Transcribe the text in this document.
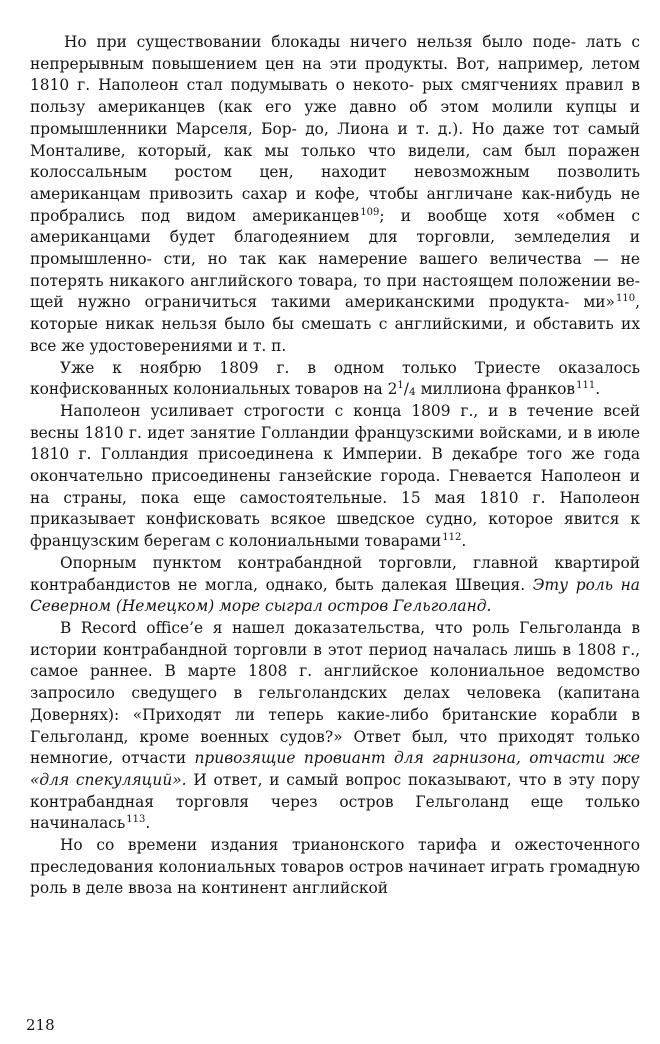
Но при существовании блокады ничего нельзя было поде- лать с непрерывным повышением цен на эти продукты. Вот, например, летом 1810 г. Наполеон стал подумывать о некото- рых смягчениях правил в пользу американцев (как его уже давно об этом молили купцы и промышленники Марселя, Бор- до, Лиона и т. д.). Но даже тот самый Монталиве, который, как мы только что видели, сам был поражен колоссальным ростом цен, находит невозможным позволить американцам привозить сахар и кофе, чтобы англичане как-нибудь не пробрались под видом американцев$^{109}$; и вообще хотя «обмен с американцами будет благодеянием для торговли, земледелия и промышленно- сти, но так как намерение вашего величества — не потерять никакого английского товара, то при настоящем положении ве- щей нужно ограничиться такими американскими продукта- ми»$^{110}$, которые никак нельзя было бы смешать с английскими, и обставить их все же удостоверениями и т. п.

Уже к ноябрю 1809 г. в одном только Триесте оказалось конфискованных колониальных товаров на $2^1/_4$ миллиона франков$^{111}$.

Наполеон усиливает строгости с конца 1809 г., и в течение всей весны 1810 г. идет занятие Голландии французскими войсками, и в июле 1810 г. Голландия присоединена к Империи. В декабре того же года окончательно присоединены ганзейские города. Гневается Наполеон и на страны, пока еще самостоятельные. 15 мая 1810 г. Наполеон приказывает конфисковать всякое шведское судно, которое явится к французским берегам с колониальными товарами$^{112}$.

Опорным пунктом контрабандной торговли, главной квартирой контрабандистов не могла, однако, быть далекая Швеция. Эту роль на Северном (Немецком) море сыграл остров Гельголанд.

В Record office’е я нашел доказательства, что роль Гельголанда в истории контрабандной торговли в этот период началась лишь в 1808 г., самое раннее. В марте 1808 г. английское колониальное ведомство запросило сведущего в гельголандских делах человека (капитана Довернях): «Приходят ли теперь какие-либо британские корабли в Гельголанд, кроме военных судов?» Ответ был, что приходят только немногие, отчасти привозящие провиант для гарнизона, отчасти же «для спекуляций». И ответ, и самый вопрос показывают, что в эту пору контрабандная торговля через остров Гельголанд еще только начиналась$^{113}$.

Но со времени издания трианонского тарифа и ожесточенного преследования колониальных товаров остров начинает играть громадную роль в деле ввоза на континент английской

218
